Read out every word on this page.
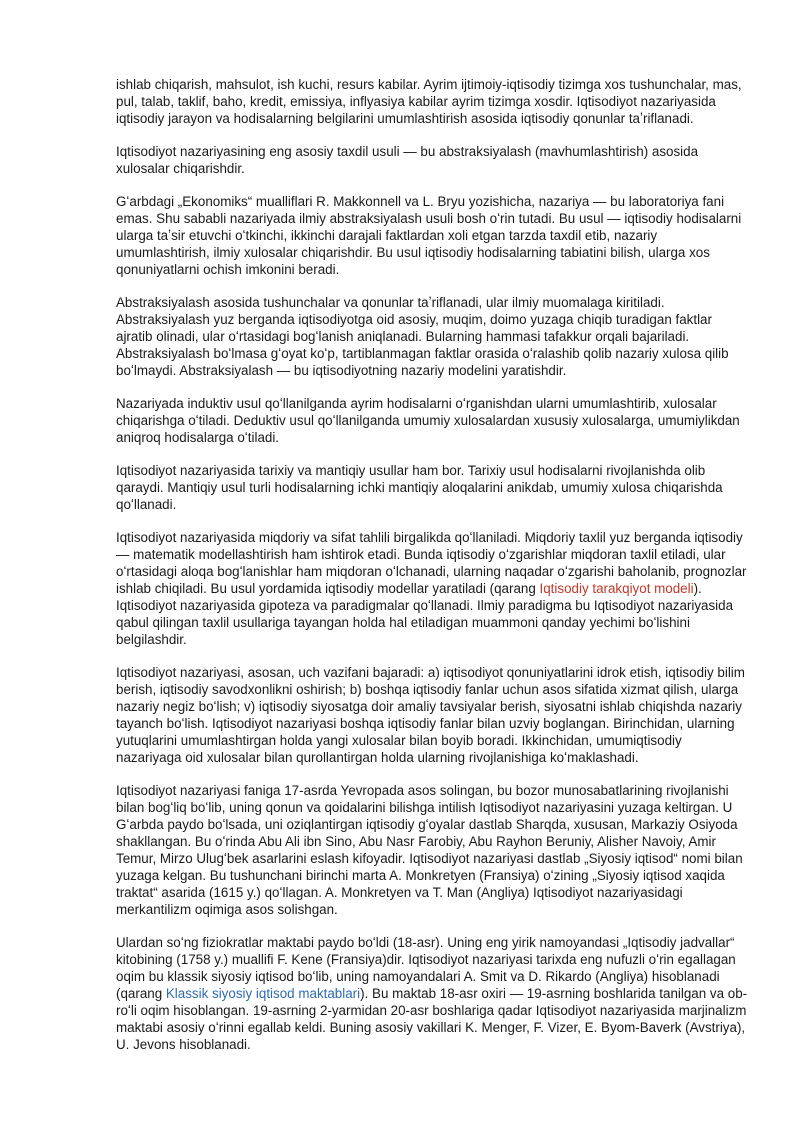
ishlab chiqarish, mahsulot, ish kuchi, resurs kabilar. Ayrim ijtimoiy-iqtisodiy tizimga xos tushunchalar, mas, pul, talab, taklif, baho, kredit, emissiya, inflyasiya kabilar ayrim tizimga xosdir. Iqtisodiyot nazariyasida iqtisodiy jarayon va hodisalarning belgilarini umumlashtirish asosida iqtisodiy qonunlar taʼriflanadi.

Iqtisodiyot nazariyasining eng asosiy taxdil usuli — bu abstraksiyalash (mavhumlashtirish) asosida xulosalar chiqarishdir.

Gʻarbdagi „Ekonomiks“ mualliflari R. Makkonnell va L. Bryu yozishicha, nazariya — bu laboratoriya fani emas. Shu sababli nazariyada ilmiy abstraksiyalash usuli bosh oʻrin tutadi. Bu usul — iqtisodiy hodisalarni ularga taʼsir etuvchi oʻtkinchi, ikkinchi darajali faktlardan xoli etgan tarzda taxdil etib, nazariy umumlashtirish, ilmiy xulosalar chiqarishdir. Bu usul iqtisodiy hodisalarning tabiatini bilish, ularga xos qonuniyatlarni ochish imkonini beradi.

Abstraksiyalash asosida tushunchalar va qonunlar taʼriflanadi, ular ilmiy muomalaga kiritiladi. Abstraksiyalash yuz berganda iqtisodiyotga oid asosiy, muqim, doimo yuzaga chiqib turadigan faktlar ajratib olinadi, ular oʻrtasidagi bogʻlanish aniqlanadi. Bularning hammasi tafakkur orqali bajariladi. Abstraksiyalash boʻlmasa gʻoyat koʻp, tartiblanmagan faktlar orasida oʻralashib qolib nazariy xulosa qilib boʻlmaydi. Abstraksiyalash — bu iqtisodiyotning nazariy modelini yaratishdir.

Nazariyada induktiv usul qoʻllanilganda ayrim hodisalarni oʻrganishdan ularni umumlashtirib, xulosalar chiqarishga oʻtiladi. Deduktiv usul qoʻllanilganda umumiy xulosalardan xususiy xulosalarga, umumiylikdan aniqroq hodisalarga oʻtiladi.

Iqtisodiyot nazariyasida tarixiy va mantiqiy usullar ham bor. Tarixiy usul hodisalarni rivojlanishda olib qaraydi. Mantiqiy usul turli hodisalarning ichki mantiqiy aloqalarini anikdab, umumiy xulosa chiqarishda qoʻllanadi.

Iqtisodiyot nazariyasida miqdoriy va sifat tahlili birgalikda qoʻllaniladi. Miqdoriy taxlil yuz berganda iqtisodiy — matematik modellashtirish ham ishtirok etadi. Bunda iqtisodiy oʻzgarishlar miqdoran taxlil etiladi, ular oʻrtasidagi aloqa bogʻlanishlar ham miqdoran oʻlchanadi, ularning naqadar oʻzgarishi baholanib, prognozlar ishlab chiqiladi. Bu usul yordamida iqtisodiy modellar yaratiladi (qarang Iqtisodiy tarakqiyot modeli). Iqtisodiyot nazariyasida gipoteza va paradigmalar qoʻllanadi. Ilmiy paradigma bu Iqtisodiyot nazariyasida qabul qilingan taxlil usullariga tayangan holda hal etiladigan muammoni qanday yechimi boʻlishini belgilashdir.

Iqtisodiyot nazariyasi, asosan, uch vazifani bajaradi: a) iqtisodiyot qonuniyatlarini idrok etish, iqtisodiy bilim berish, iqtisodiy savodxonlikni oshirish; b) boshqa iqtisodiy fanlar uchun asos sifatida xizmat qilish, ularga nazariy negiz boʻlish; v) iqtisodiy siyosatga doir amaliy tavsiyalar berish, siyosatni ishlab chiqishda nazariy tayanch boʻlish. Iqtisodiyot nazariyasi boshqa iqtisodiy fanlar bilan uzviy boglangan. Birinchidan, ularning yutuqlarini umumlashtirgan holda yangi xulosalar bilan boyib boradi. Ikkinchidan, umumiqtisodiy nazariyaga oid xulosalar bilan qurollantirgan holda ularning rivojlanishiga koʻmaklashadi.

Iqtisodiyot nazariyasi faniga 17-asrda Yevropada asos solingan, bu bozor munosabatlarining rivojlanishi bilan bogʻliq boʻlib, uning qonun va qoidalarini bilishga intilish Iqtisodiyot nazariyasini yuzaga keltirgan. U Gʻarbda paydo boʻlsada, uni oziqlantirgan iqtisodiy gʻoyalar dastlab Sharqda, xususan, Markaziy Osiyoda shakllangan. Bu oʻrinda Abu Ali ibn Sino, Abu Nasr Farobiy, Abu Rayhon Beruniy, Alisher Navoiy, Amir Temur, Mirzo Ulugʻbek asarlarini eslash kifoyadir. Iqtisodiyot nazariyasi dastlab „Siyosiy iqtisod“ nomi bilan yuzaga kelgan. Bu tushunchani birinchi marta A. Monkretyen (Fransiya) oʻzining „Siyosiy iqtisod xaqida traktat“ asarida (1615 y.) qoʻllagan. A. Monkretyen va T. Man (Angliya) Iqtisodiyot nazariyasidagi merkantilizm oqimiga asos solishgan.

Ulardan soʻng fiziokratlar maktabi paydo boʻldi (18-asr). Uning eng yirik namoyandasi „Iqtisodiy jadvallar“ kitobining (1758 y.) muallifi F. Kene (Fransiya)dir. Iqtisodiyot nazariyasi tarixda eng nufuzli oʻrin egallagan oqim bu klassik siyosiy iqtisod boʻlib, uning namoyandalari A. Smit va D. Rikardo (Angliya) hisoblanadi (qarang Klassik siyosiy iqtisod maktablari). Bu maktab 18-asr oxiri — 19-asrning boshlarida tanilgan va ob-roʻli oqim hisoblangan. 19-asrning 2-yarmidan 20-asr boshlariga qadar Iqtisodiyot nazariyasida marjinalizm maktabi asosiy oʻrinni egallab keldi. Buning asosiy vakillari K. Menger, F. Vizer, E. Byom-Baverk (Avstriya), U. Jevons hisoblanadi.
